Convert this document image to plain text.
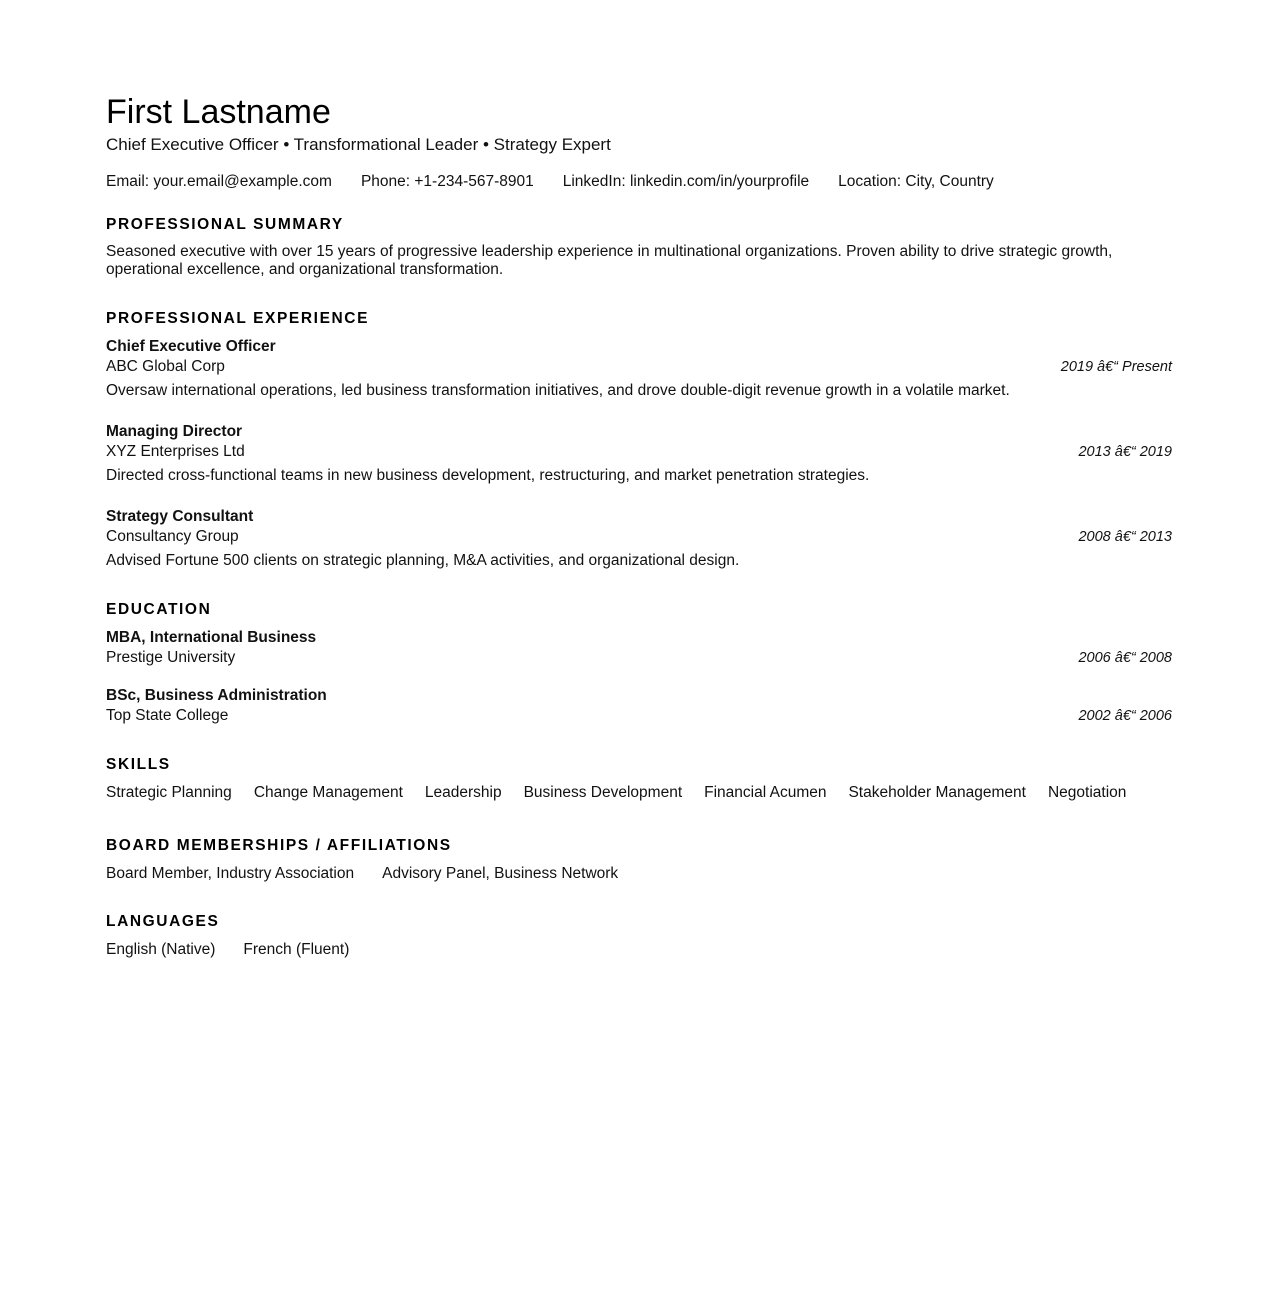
First Lastname
Chief Executive Officer • Transformational Leader • Strategy Expert
Email: your.email@example.com Phone: +1-234-567-8901 LinkedIn: linkedin.com/in/yourprofile Location: City, Country
PROFESSIONAL SUMMARY

Seasoned executive with over 15 years of progressive leadership experience in multinational organizations. Proven ability to drive strategic growth, operational excellence, and organizational transformation.

PROFESSIONAL EXPERIENCE
Chief Executive Officer
ABC Global Corp	2019 â€“ Present
Oversaw international operations, led business transformation initiatives, and drove double-digit revenue growth in a volatile market.
Managing Director
XYZ Enterprises Ltd	2013 â€“ 2019
Directed cross-functional teams in new business development, restructuring, and market penetration strategies.
Strategy Consultant
Consultancy Group	2008 â€“ 2013
Advised Fortune 500 clients on strategic planning, M&A activities, and organizational design.
EDUCATION
MBA, International Business
Prestige University	2006 â€“ 2008
BSc, Business Administration
Top State College	2002 â€“ 2006
SKILLS
Strategic Planning Change Management Leadership Business Development Financial Acumen Stakeholder Management Negotiation
BOARD MEMBERSHIPS / AFFILIATIONS
Board Member, Industry Association Advisory Panel, Business Network
LANGUAGES
English (Native) French (Fluent)
